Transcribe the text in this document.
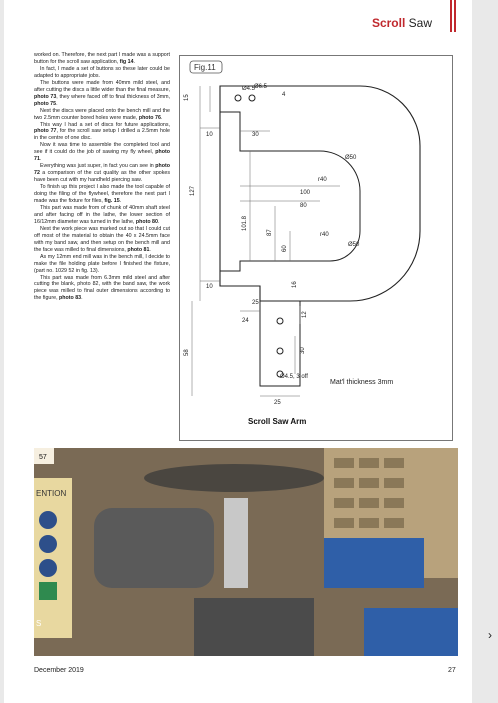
Scroll Saw

worked on. Therefore, the next part I made was a support button for the scroll saw application, fig 14.

In fact, I made a set of buttons so these later could be adapted to appropriate jobs.

The buttons were made from 40mm mild steel, and after cutting the discs a little wider than the final measure, photo 73, they where faced off to final thickness of 3mm, photo 75.

Next the discs were placed onto the bench mill and the two 2.5mm counter bored holes were made, photo 76.

This way I had a set of discs for future applications, photo 77, for the scroll saw setup I drilled a 2.5mm hole in the centre of one disc.

Now it was time to assemble the completed tool and see if it could do the job of sawing my fly wheel, photo 71.

Everything was just super, in fact you can see in photo 72 a comparison of the cut quality as the other spokes have been cut with my handheld piercing saw.

To finish up this project I also made the tool capable of doing the filing of the flywheel, therefore the next part I made was the fixture for files, fig. 15.

This part was made from of chunk of 40mm shaft steel and after facing off in the lathe, the lower section of 16/12mm diameter was turned in the lathe, photo 80.

Next the work piece was marked out so that I could cut off most of the material to obtain the 40 x 24.5mm face with my band saw, and then setup on the bench mill and the face was milled to final dimensions, photo 81.

As my 12mm end mill was in the bench mill, I decide to make the file holding plate before I finished the fixture, (part no. 1029 52 in fig. 13).

This part was made from 6.3mm mild steel and after cutting the blank, photo 82, with the band saw, the work piece was milled to final outer dimensions according to the figure, photo 83.

Fig.11
15
Ø4.5
Ø6.5
4
10	30
127
Ø50
r40
100
80
101.8
87	r40
60
Ø50
10
25
24
12
58	30
Ø4.5, 3 off
25
16
Mat'l thickness 3mm
Scroll Saw Arm
ENTION
S
57
December 2019	27
›
